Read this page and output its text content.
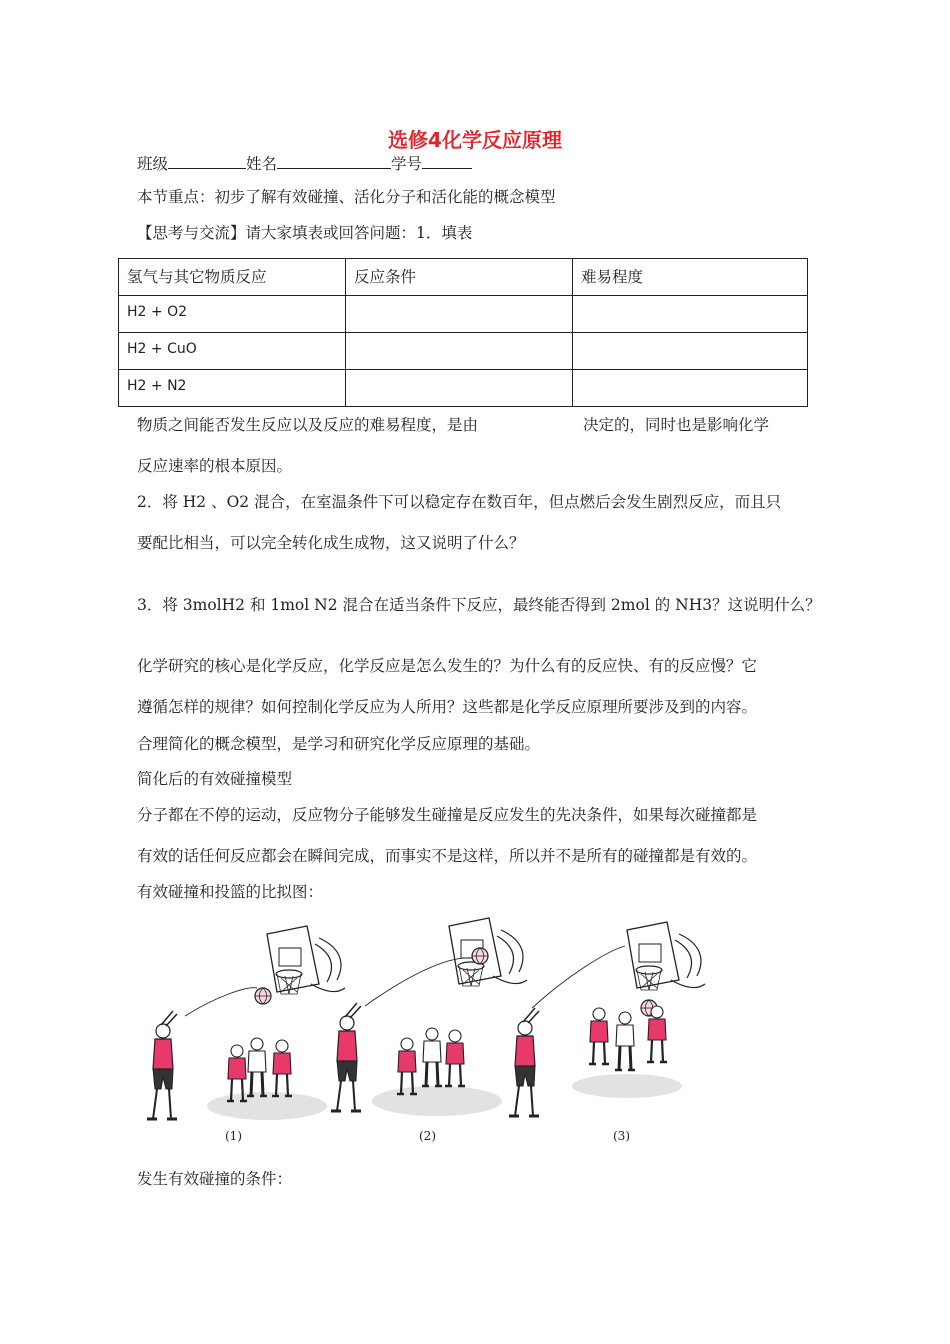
选修4化学反应原理
班级	姓名	学号
本节重点：初步了解有效碰撞、活化分子和活化能的概念模型
【思考与交流】请大家填表或回答问题：1．填表
氢气与其它物质反应	反应条件	难易程度
H2 + O2		
H2 + CuO		
H2 + N2		
物质之间能否发生反应以及反应的难易程度，是由	决定的，同时也是影响化学
反应速率的根本原因。
2．将 H2 、O2 混合，在室温条件下可以稳定存在数百年，但点燃后会发生剧烈反应，而且只
要配比相当，可以完全转化成生成物，这又说明了什么？
3．将 3molH2 和 1mol N2 混合在适当条件下反应，最终能否得到 2mol 的 NH3？这说明什么？
化学研究的核心是化学反应，化学反应是怎么发生的？为什么有的反应快、有的反应慢？它
遵循怎样的规律？如何控制化学反应为人所用？这些都是化学反应原理所要涉及到的内容。
合理简化的概念模型，是学习和研究化学反应原理的基础。
简化后的有效碰撞模型
分子都在不停的运动，反应物分子能够发生碰撞是反应发生的先决条件，如果每次碰撞都是
有效的话任何反应都会在瞬间完成，而事实不是这样，所以并不是所有的碰撞都是有效的。
有效碰撞和投篮的比拟图：
(1)	(2)	(3)
发生有效碰撞的条件：
